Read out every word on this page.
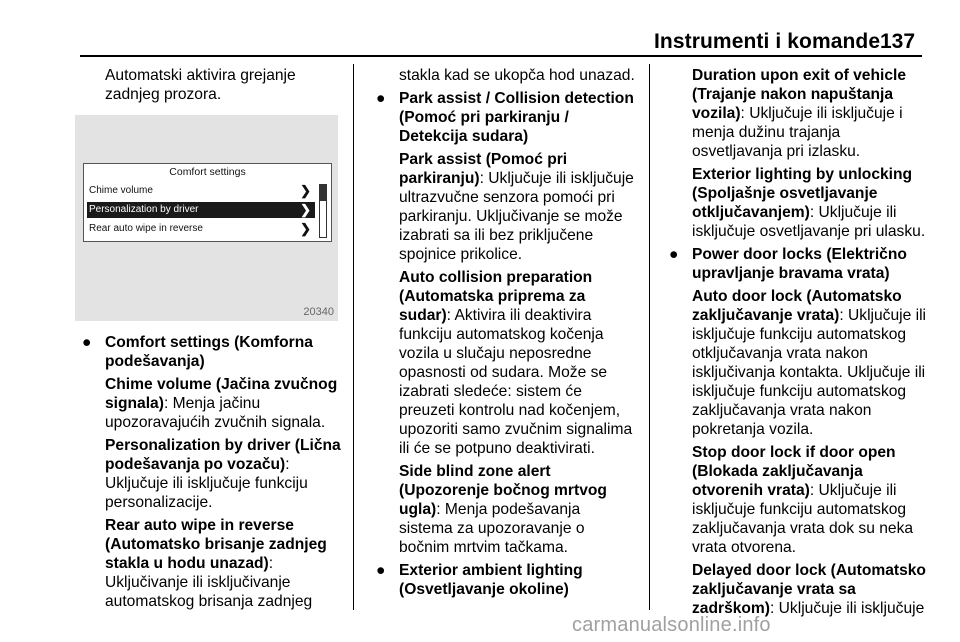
Instrumenti i komande 137

Automatski aktivira grejanje zadnjeg prozora.

Comfort settings
Chime volume	❯
Personalization by driver	❯
Rear auto wipe in reverse	❯
20340

● Comfort settings (Komforna podešavanja)

Chime volume (Jačina zvučnog signala): Menja jačinu upozoravajućih zvučnih signala.

Personalization by driver (Lična podešavanja po vozaču): Uključuje ili isključuje funkciju personalizacije.

Rear auto wipe in reverse (Automatsko brisanje zadnjeg stakla u hodu unazad): Uključivanje ili isključivanje automatskog brisanja zadnjeg

stakla kad se ukopča hod unazad.

● Park assist / Collision detection (Pomoć pri parkiranju / Detekcija sudara)

Park assist (Pomoć pri parkiranju): Uključuje ili isključuje ultrazvučne senzora pomoći pri parkiranju. Uključivanje se može izabrati sa ili bez priključene spojnice prikolice.

Auto collision preparation (Automatska priprema za sudar): Aktivira ili deaktivira funkciju automatskog kočenja vozila u slučaju neposredne opasnosti od sudara. Može se izabrati sledeće: sistem će preuzeti kontrolu nad kočenjem, upozoriti samo zvučnim signalima ili će se potpuno deaktivirati.

Side blind zone alert (Upozorenje bočnog mrtvog ugla): Menja podešavanja sistema za upozoravanje o bočnim mrtvim tačkama.

● Exterior ambient lighting (Osvetljavanje okoline)

Duration upon exit of vehicle (Trajanje nakon napuštanja vozila): Uključuje ili isključuje i menja dužinu trajanja osvetljavanja pri izlasku.

Exterior lighting by unlocking (Spoljašnje osvetljavanje otključavanjem): Uključuje ili isključuje osvetljavanje pri ulasku.

● Power door locks (Električno upravljanje bravama vrata)

Auto door lock (Automatsko zaključavanje vrata): Uključuje ili isključuje funkciju automatskog otključavanja vrata nakon isključivanja kontakta. Uključuje ili isključuje funkciju automatskog zaključavanja vrata nakon pokretanja vozila.

Stop door lock if door open (Blokada zaključavanja otvorenih vrata): Uključuje ili isključuje funkciju automatskog zaključavanja vrata dok su neka vrata otvorena.

Delayed door lock (Automatsko zaključavanje vrata sa zadrškom): Uključuje ili isključuje

carmanualsonline.info
